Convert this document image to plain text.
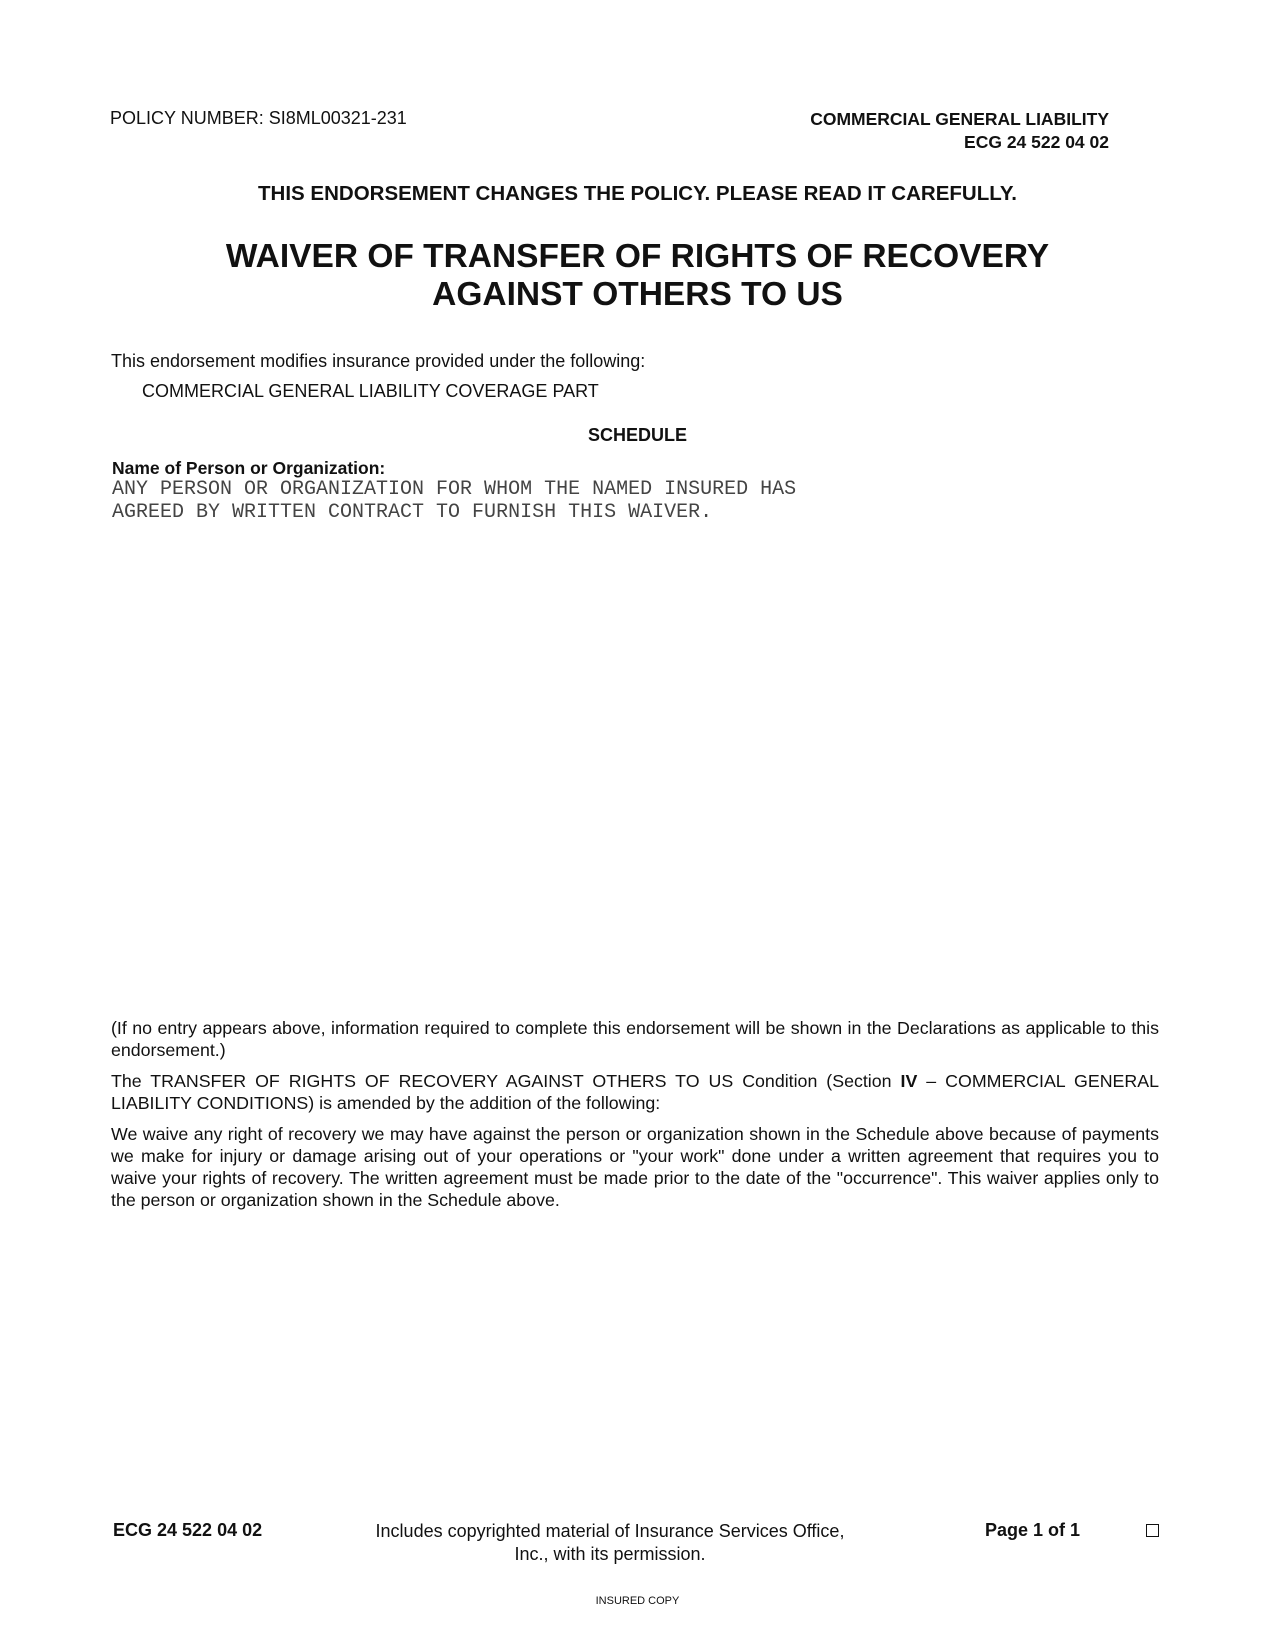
POLICY NUMBER: SI8ML00321-231	COMMERCIAL GENERAL LIABILITY
ECG 24 522 04 02
THIS ENDORSEMENT CHANGES THE POLICY. PLEASE READ IT CAREFULLY.
WAIVER OF TRANSFER OF RIGHTS OF RECOVERY
AGAINST OTHERS TO US
This endorsement modifies insurance provided under the following:
COMMERCIAL GENERAL LIABILITY COVERAGE PART
SCHEDULE
Name of Person or Organization:
ANY PERSON OR ORGANIZATION FOR WHOM THE NAMED INSURED HAS
AGREED BY WRITTEN CONTRACT TO FURNISH THIS WAIVER.
(If no entry appears above, information required to complete this endorsement will be shown in the Declarations as applicable to this endorsement.)
The TRANSFER OF RIGHTS OF RECOVERY AGAINST OTHERS TO US Condition (Section IV – COMMERCIAL GENERAL LIABILITY CONDITIONS) is amended by the addition of the following:
We waive any right of recovery we may have against the person or organization shown in the Schedule above because of payments we make for injury or damage arising out of your operations or "your work" done under a written agreement that requires you to waive your rights of recovery. The written agreement must be made prior to the date of the "occurrence". This waiver applies only to the person or organization shown in the Schedule above.
ECG 24 522 04 02	Includes copyrighted material of Insurance Services Office,
Inc., with its permission.
Page 1 of 1
INSURED COPY
